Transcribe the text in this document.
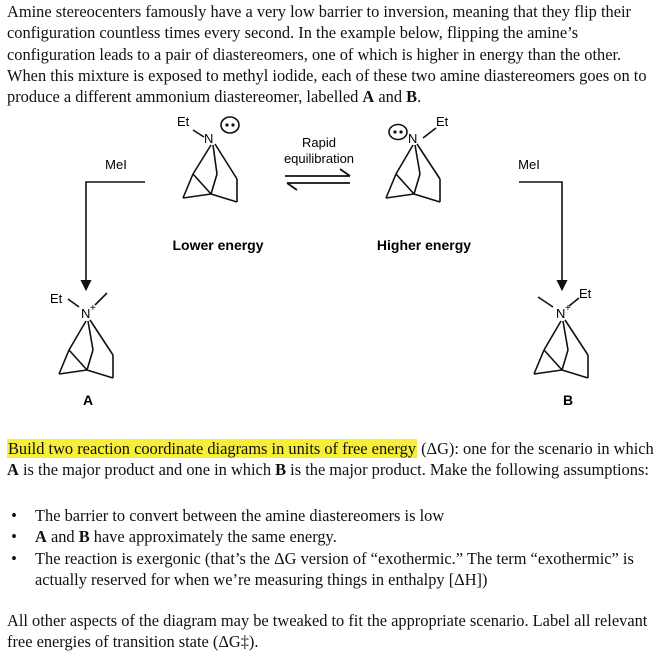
Amine stereocenters famously have a very low barrier to inversion, meaning that they flip their configuration countless times every second. In the example below, flipping the amine’s configuration leads to a pair of diastereomers, one of which is higher in energy than the other. When this mixture is exposed to methyl iodide, each of these two amine diastereomers goes on to produce a different ammonium diastereomer, labelled A and B.
Et
N	N
Et
Rapid
equilibration
Lower energy	Higher energy
MeI	MeI
Et
N +
A
Et
N +
B
Build two reaction coordinate diagrams in units of free energy (ΔG): one for the scenario in which A is the major product and one in which B is the major product. Make the following assumptions:
• The barrier to convert between the amine diastereomers is low
• A and B have approximately the same energy.
• The reaction is exergonic (that’s the ΔG version of “exothermic.” The term “exothermic” is actually reserved for when we’re measuring things in enthalpy [ΔH])
All other aspects of the diagram may be tweaked to fit the appropriate scenario. Label all relevant free energies of transition state (ΔG‡).
